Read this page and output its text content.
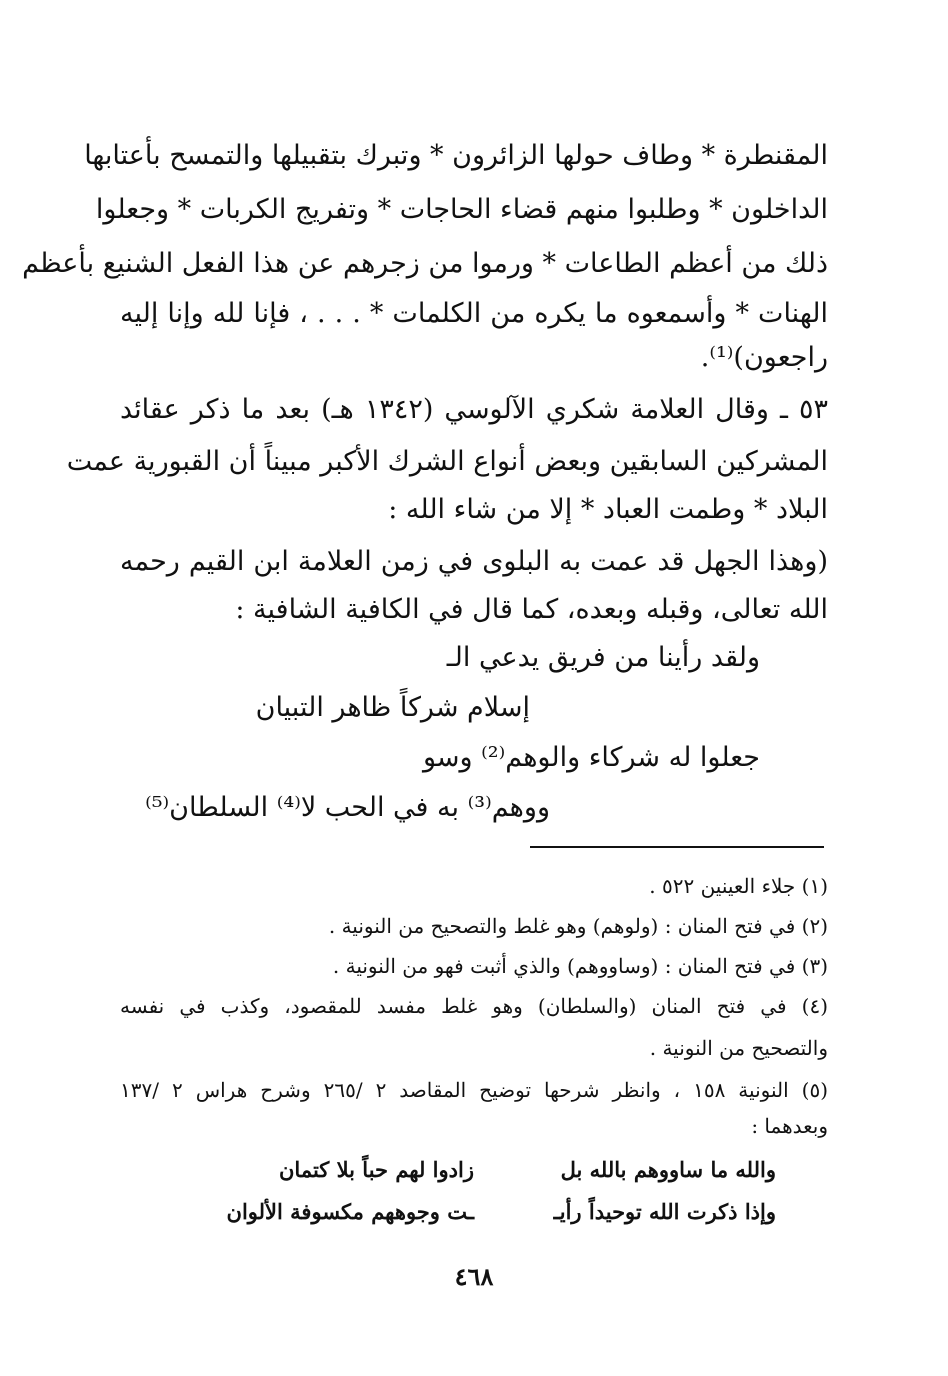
المقنطرة * وطاف حولها الزائرون * وتبرك بتقبيلها والتمسح بأعتابها
الداخلون * وطلبوا منهم قضاء الحاجات * وتفريج الكربات * وجعلوا
ذلك من أعظم الطاعات * ورموا من زجرهم عن هذا الفعل الشنيع بأعظم
الهنات * وأسمعوه ما يكره من الكلمات * . . . ، فإنا لله وإنا إليه
راجعون)⁽¹⁾.
٥٣ ـ وقال العلامة شكري الآلوسي (١٣٤٢ هـ) بعد ما ذكر عقائد
المشركين السابقين وبعض أنواع الشرك الأكبر مبيناً أن القبورية عمت
البلاد * وطمت العباد * إلا من شاء الله :
(وهذا الجهل قد عمت به البلوى في زمن العلامة ابن القيم رحمه
الله تعالى، وقبله وبعده، كما قال في الكافية الشافية :
ولقد رأينا من فريق يدعي الـ
إسلام شركاً ظاهر التبيان
جعلوا له شركاء والوهم⁽²⁾ وسو
ووهم⁽³⁾ به في الحب لا⁽⁴⁾ السلطان⁽⁵⁾
(١) جلاء العينين ٥٢٢ .
(٢) في فتح المنان : (ولوهم) وهو غلط والتصحيح من النونية .
(٣) في فتح المنان : (وساووهم) والذي أثبت فهو من النونية .
(٤) في فتح المنان (والسلطان) وهو غلط مفسد للمقصود، وكذب في نفسه
والتصحيح من النونية .
(٥) النونية ١٥٨ ، وانظر شرحها توضيح المقاصد ٢ /٢٦٥ وشرح هراس ٢ /١٣٧
وبعدهما :
والله ما ساووهم بالله بل
زادوا لهم حباً بلا كتمان
وإذا ذكرت الله توحيداً رأيـ
ـت وجوههم مكسوفة الألوان
٤٦٨
